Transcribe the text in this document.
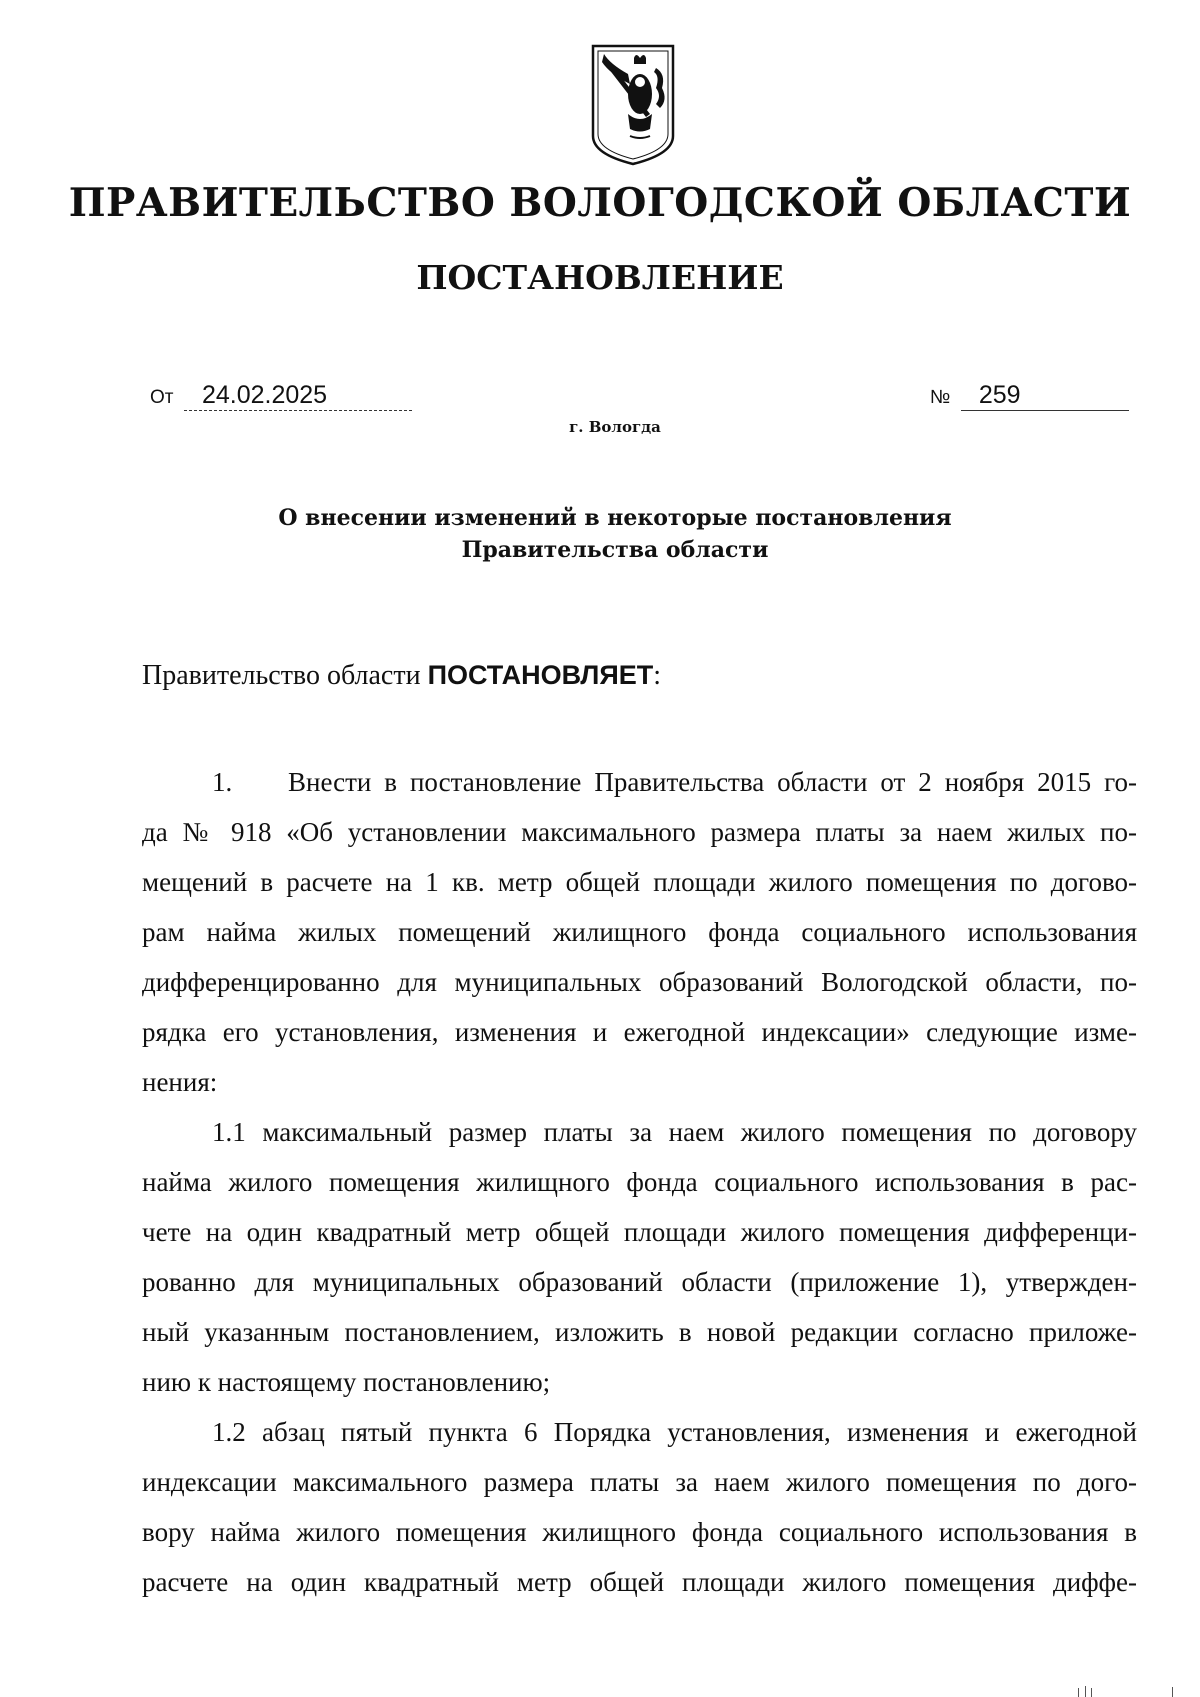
ПРАВИТЕЛЬСТВО ВОЛОГОДСКОЙ ОБЛАСТИ
ПОСТАНОВЛЕНИЕ
От 24.02.2025	№ 259
г. Вологда
О внесении изменений в некоторые постановления
Правительства области
Правительство области ПОСТАНОВЛЯЕТ:
1. Внести в постановление Правительства области от 2 ноября 2015 го-
да № 918 «Об установлении максимального размера платы за наем жилых по-
мещений в расчете на 1 кв. метр общей площади жилого помещения по догово-
рам найма жилых помещений жилищного фонда социального использования
дифференцированно для муниципальных образований Вологодской области, по-
рядка его установления, изменения и ежегодной индексации» следующие изме-
нения:
1.1 максимальный размер платы за наем жилого помещения по договору
найма жилого помещения жилищного фонда социального использования в рас-
чете на один квадратный метр общей площади жилого помещения дифференци-
рованно для муниципальных образований области (приложение 1), утвержден-
ный указанным постановлением, изложить в новой редакции согласно приложе-
нию к настоящему постановлению;
1.2 абзац пятый пункта 6 Порядка установления, изменения и ежегодной
индексации максимального размера платы за наем жилого помещения по дого-
вору найма жилого помещения жилищного фонда социального использования в
расчете на один квадратный метр общей площади жилого помещения диффе-
